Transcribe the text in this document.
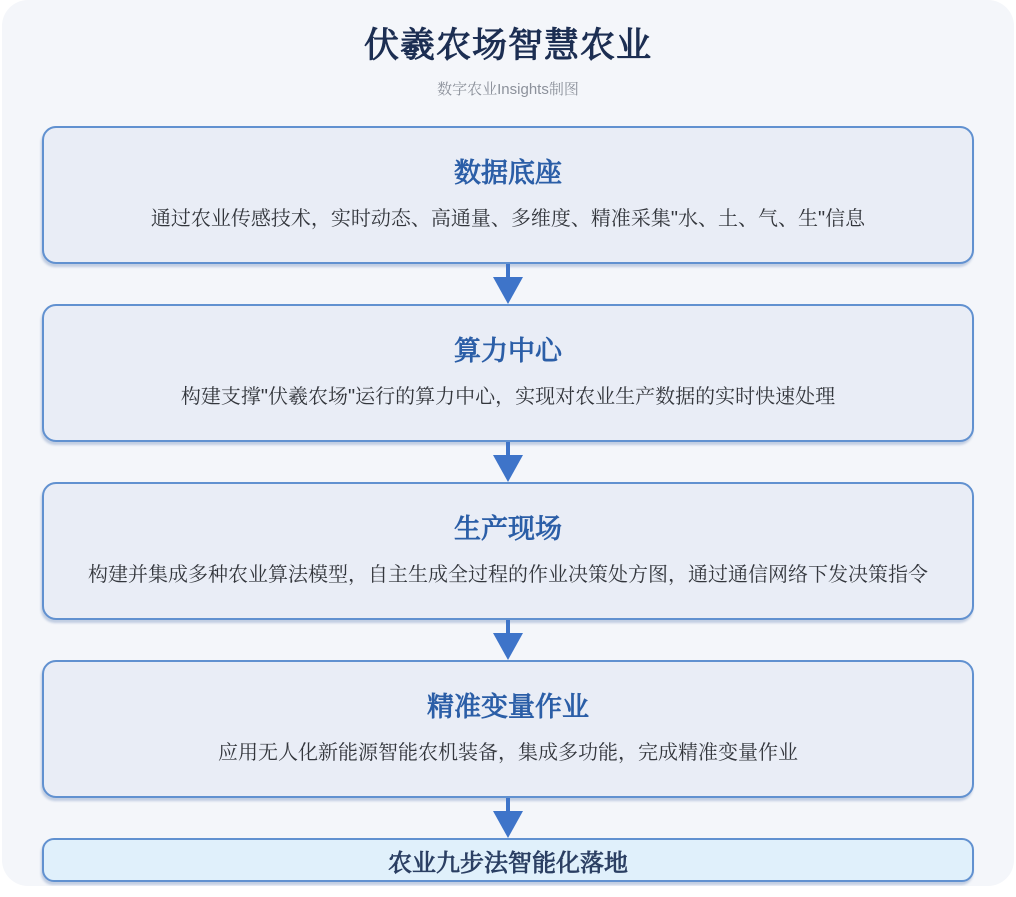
伏羲农场智慧农业
数字农业Insights制图
数据底座
通过农业传感技术，实时动态、高通量、多维度、精准采集"水、土、气、生"信息
算力中心
构建支撑"伏羲农场"运行的算力中心，实现对农业生产数据的实时快速处理
生产现场
构建并集成多种农业算法模型，自主生成全过程的作业决策处方图，通过通信网络下发决策指令
精准变量作业
应用无人化新能源智能农机装备，集成多功能，完成精准变量作业
农业九步法智能化落地
